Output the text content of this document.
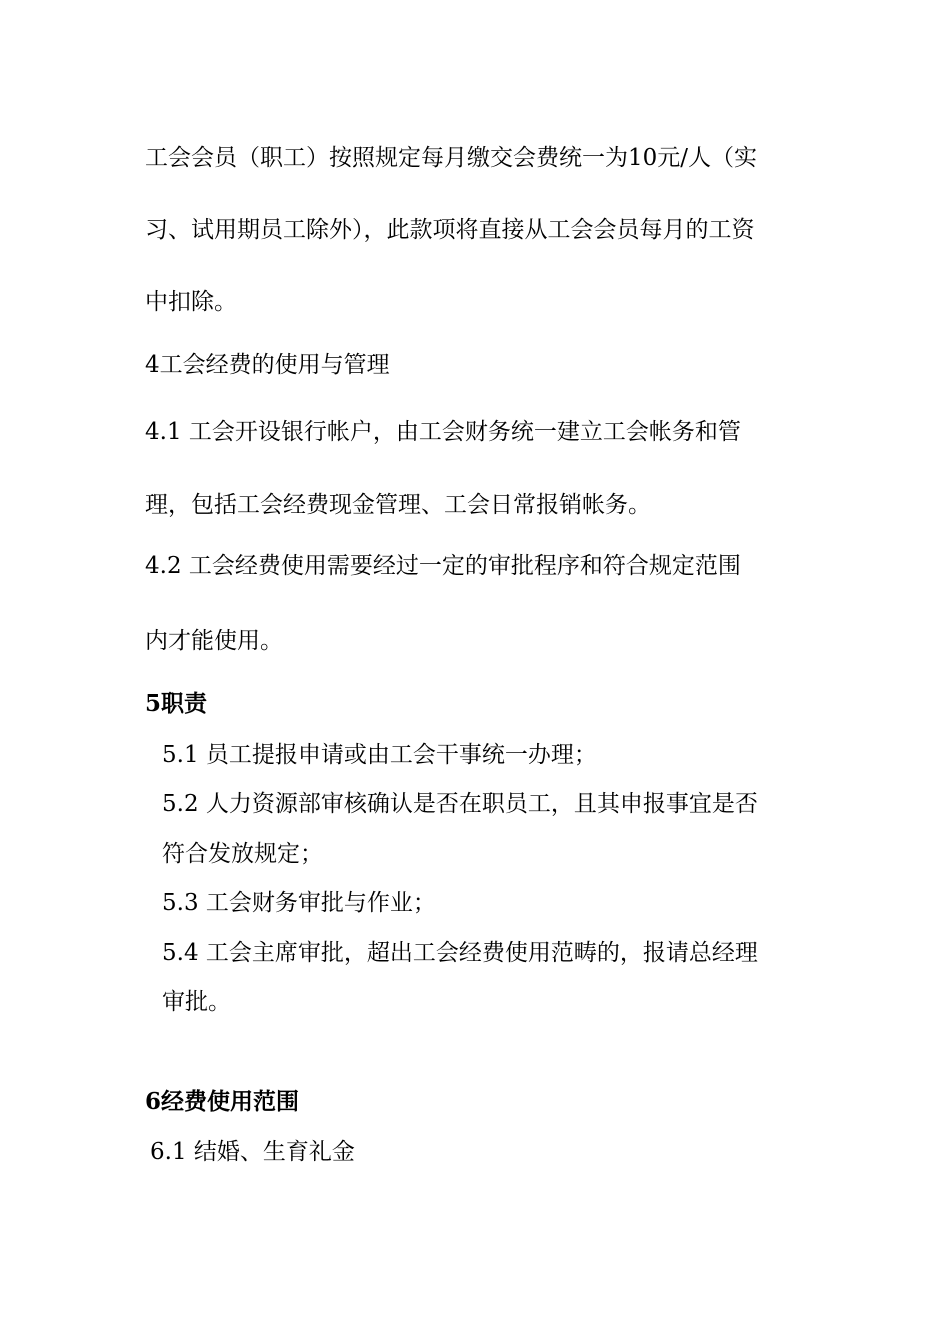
工会会员（职工）按照规定每月缴交会费统一为10元/人（实
习、试用期员工除外），此款项将直接从工会会员每月的工资
中扣除。
4工会经费的使用与管理
4.1 工会开设银行帐户，由工会财务统一建立工会帐务和管
理，包括工会经费现金管理、工会日常报销帐务。
4.2 工会经费使用需要经过一定的审批程序和符合规定范围
内才能使用。
5职责
5.1 员工提报申请或由工会干事统一办理；
5.2 人力资源部审核确认是否在职员工，且其申报事宜是否
符合发放规定；
5.3 工会财务审批与作业；
5.4 工会主席审批，超出工会经费使用范畴的，报请总经理
审批。
6经费使用范围
6.1 结婚、生育礼金
